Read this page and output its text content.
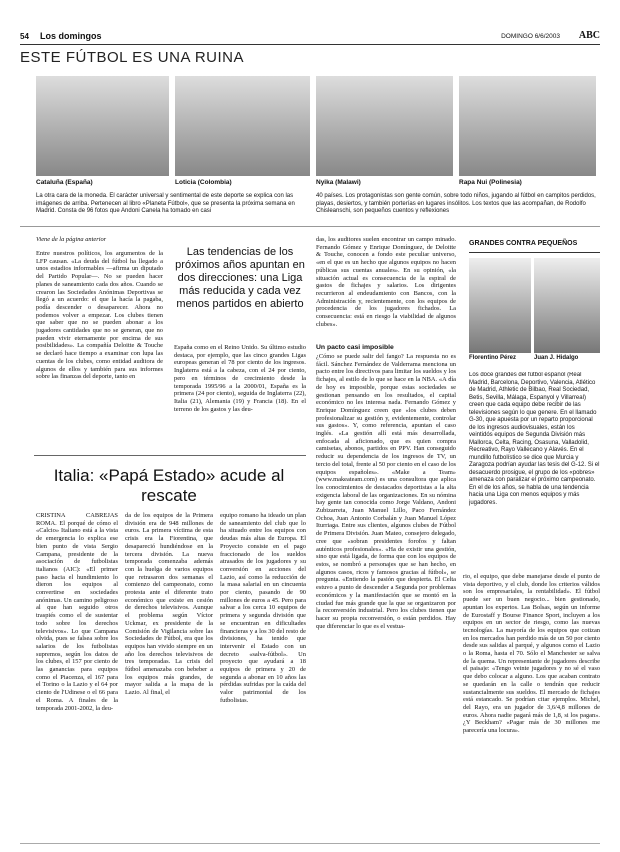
54 Los domingos	DOMINGO 6/6/2003 ABC
ESTE FÚTBOL ES UNA RUINA
Cataluña (España)	Loticia (Colombia)	Nyika (Malawi)	Rapa Nui (Polinesia)
La otra cara de la moneda. El carácter universal y sentimental de este deporte se explica con las imágenes de arriba. Pertenecen al libro «Planeta Fútbol», que se presenta la próxima semana en Madrid. Consta de 96 fotos que Andoni Canela ha tomado en casi
40 países. Los protagonistas son gente común, sobre todo niños, jugando al fútbol en campitos perdidos, playas, desiertos, y también porterías en lugares insólitos. Los textos que las acompañan, de Rodolfo Chisleanschi, son pequeños cuentos y reflexiones
Viene de la página anterior
Entre nuestros políticos, los argumentos de la LFP causan. «La deuda del fútbol ha llegado a unos estadios informables —afirma un diputado del Partido Popular—. No se pueden hacer planes de saneamiento cada dos años. Cuando se crearon las Sociedades Anónimas Deportivas se llegó a un acuerdo: el que la hacía la pagaba, podía descender o desaparecer. Ahora no podemos volver a empezar. Los clubes tienen que saber que no se pueden abonar a los jugadores cantidades que no se generan, que no pueden vivir eternamente por encima de sus posibilidades». La compañía Deloitte & Touche se declaró hace tiempo a examinar con lupa las cuentas de los clubes, como entidad auditora de algunos de ellos y también para sus informes sobre las finanzas del deporte, tanto en
Las tendencias de los próximos años apuntan en dos direcciones: una Liga más reducida y cada vez menos partidos en abierto
España como en el Reino Unido. Su último estudio destaca, por ejemplo, que las cinco grandes Ligas europeas generan el 78 por ciento de los ingresos. Inglaterra está a la cabeza, con el 24 por ciento, pero en términos de crecimiento desde la temporada 1995/96 a la 2000/01, España es la primera (24 por ciento), seguida de Inglaterra (22), Italia (21), Alemania (19) y Francia (18). En el terreno de los gastos y las deu-
das, los auditores suelen encontrar un campo minado. Fernando Gómez y Enrique Domínguez, de Deloitte & Touche, conocen a fondo este peculiar universo, «en el que es un hecho que algunos equipos no hacen públicas sus cuentas anuales». En su opinión, «la situación actual es consecuencia de la espiral de gastos de fichajes y salarios. Los dirigentes recurrieron al endeudamiento con Bancos, con la Administración y, recientemente, con los equipos de procedencia de los jugadores fichados. La consecuencia: está en riesgo la viabilidad de algunos clubes».
Un pacto casi imposible
¿Cómo se puede salir del fango? La respuesta no es fácil. Sánchez Fernández de Valderrama menciona un pacto entre los directivos para limitar los sueldos y los fichajes, al estilo de lo que se hace en la NBA. «A día de hoy es imposible, porque estas sociedades se gestionan pensando en los resultados, el capital económico no les interesa nada. Fernando Gómez y Enrique Domínguez creen que «los clubes deben profesionalizar su gestión y, evidentemente, controlar sus gastos». Y, como referencia, apuntan el caso inglés. «La gestión allí está más desarrollada, enfocada al aficionado, que es quien compra camisetas, abonos, partidos en PPV. Han conseguido reducir su dependencia de los ingresos de TV, un tercio del total, frente al 50 por ciento en el caso de los equipos españoles». «Make a Team» (www.makeateam.com) es una consultora que aplica los conocimientos de destacados deportistas a la alta exigencia laboral de las organizaciones. En su nómina hay gente tan conocida como Jorge Valdano, Andoni Zubizarreta, Juan Manuel Lillo, Paco Fernández Ochoa, Juan Antonio Corbalán y Juan Manuel López Iturriaga. Entre sus clientes, algunos clubes de Fútbol de Primera División. Juan Mateo, consejero delegado, cree que «sobran presidentes forofos y faltan auténticos profesionales». «Ha de existir una gestión, sino que está ligada, de forma que con los equipos de estos, se nombró a personajes que se han hecho, en algunos casos, ricos y famosos gracias al fútbol», se pregunta. «Entiendo la pasión que despierta. El Celta estuvo a punto de descender a Segunda por problemas económicos y la manifestación que se montó en la ciudad fue más grande que la que se organizaron por la reconversión industrial. Pero los clubes tienen que hacer su propia reconversión, o están perdidos. Hay que diferenciar lo que es el vestua-
rio, el equipo, que debe manejarse desde el punto de vista deportivo, y el club, donde los criterios válidos son los empresariales, la rentabilidad». El fútbol puede ser un buen negocio... bien gestionado, apuntan los expertos. Las Bolsas, según un informe de Eurostaff y Bourse Finance Sport, incluyen a los equipos en un sector de riesgo, como las nuevas tecnologías. La mayoría de los equipos que cotizan en los mercados han perdido más de un 50 por ciento desde sus salidas al parqué, y algunos como el Lazio o la Roma, hasta el 70. Sólo el Manchester se salva de la quema. Un representante de jugadores describe el paisaje: «Tengo veinte jugadores y no sé el vaso que debo colocar a alguno. Los que acaban contrato se quedarán en la calle o tendrán que reducir sustancialmente sus sueldos. El mercado de fichajes está estancado. Se podrían citar ejemplos. Michel, del Rayo, era un jugador de 3,6/4,8 millones de euros. Ahora nadie pagará más de 1,8, si los pagan». ¿Y Beckham? «Pagar más de 30 millones me parecería una locura».
Italia: «Papá Estado» acude al rescate
CRISTINA CABREJAS ROMA. El porqué de cómo el «Calcio» Italiano está a la vista de emergencia lo explica ese bien punto de vista Sergio Campana, presidente de la asociación de futbolistas italianos (AIC): «El primer paso hacia el hundimiento lo dieron los equipos al convertirse en sociedades anónimas. Un camino peligroso al que han seguido otros traspiés como el de sustentar todo sobre los derechos televisivos». Lo que Campana olvida, pues se falsea sobre los salarios de los futbolistas supremos, según los datos de los clubes, el 157 por ciento de las ganancias para equipos como el Piacenza, el 167 para el Torino o la Lazio y el 64 por ciento de l'Udinese o el 66 para el Roma. A finales de la temporada 2001-2002, la deu-
da de los equipos de la Primera división era de 948 millones de euros. La primera víctima de esta crisis era la Fiorentina, que desapareció hundiéndose en la tercera división. La nueva temporada comenzaba además con la huelga de varios equipos que retrasaron dos semanas el comienzo del campeonato, como protesta ante el diferente trato económico que existe en cesión de derechos televisivos. Aunque el problema según Víctor Uckmar, ex presidente de la Comisión de Vigilancia sobre las Sociedades de Fútbol, era que los equipos han vivido siempre en un año los derechos televisivos de tres temporadas. La crisis del fútbol amenazaba con bebeber a los equipos más grandes, de mayor salida a la mapa de la Lazio. Al final, el
equipo romano ha ideado un plan de saneamiento del club que lo ha situado entre los equipos con deudas más altas de Europa. El Proyecto consiste en el pago fraccionado de los sueldos atrasados de los jugadores y su conversión en acciones del Lazio, así como la reducción de la masa salarial en un cincuenta por ciento, pasando de 90 millones de euros a 45. Pero para salvar a los cerca 10 equipos de primera y segunda división que se encuentran en dificultades financieras y a los 30 del resto de divisiones, ha tenido que intervenir el Estado con un decreto «salva-fútbol». Un proyecto que ayudará a 18 equipos de primera y 20 de segunda a abonar en 10 años las pérdidas sufridas por la caída del valor patrimonial de los futbolistas.
GRANDES CONTRA PEQUEÑOS
Florentino Pérez	Juan J. Hidalgo
Los doce grandes del fútbol español (Real Madrid, Barcelona, Deportivo, Valencia, Atlético de Madrid, Athletic de Bilbao, Real Sociedad, Betis, Sevilla, Málaga, Espanyol y Villarreal) creen que cada equipo debe recibir de las televisiones según lo que genere. En el llamado G-30, que apuesta por un reparto proporcional de los ingresos audiovisuales, están los veintidós equipos de Segunda División más Mallorca, Celta, Racing, Osasuna, Valladolid, Recreativo, Rayo Vallecano y Alavés. En el mundillo futbolístico se dice que Murcia y Zaragoza podrían ayudar las tesis del G-12. Si el desacuerdo prosigue, el grupo de los «pobres» amenaza con paralizar el próximo campeonato. En el de los años, se habla de una tendencia hacia una Liga con menos equipos y más jugadores.
